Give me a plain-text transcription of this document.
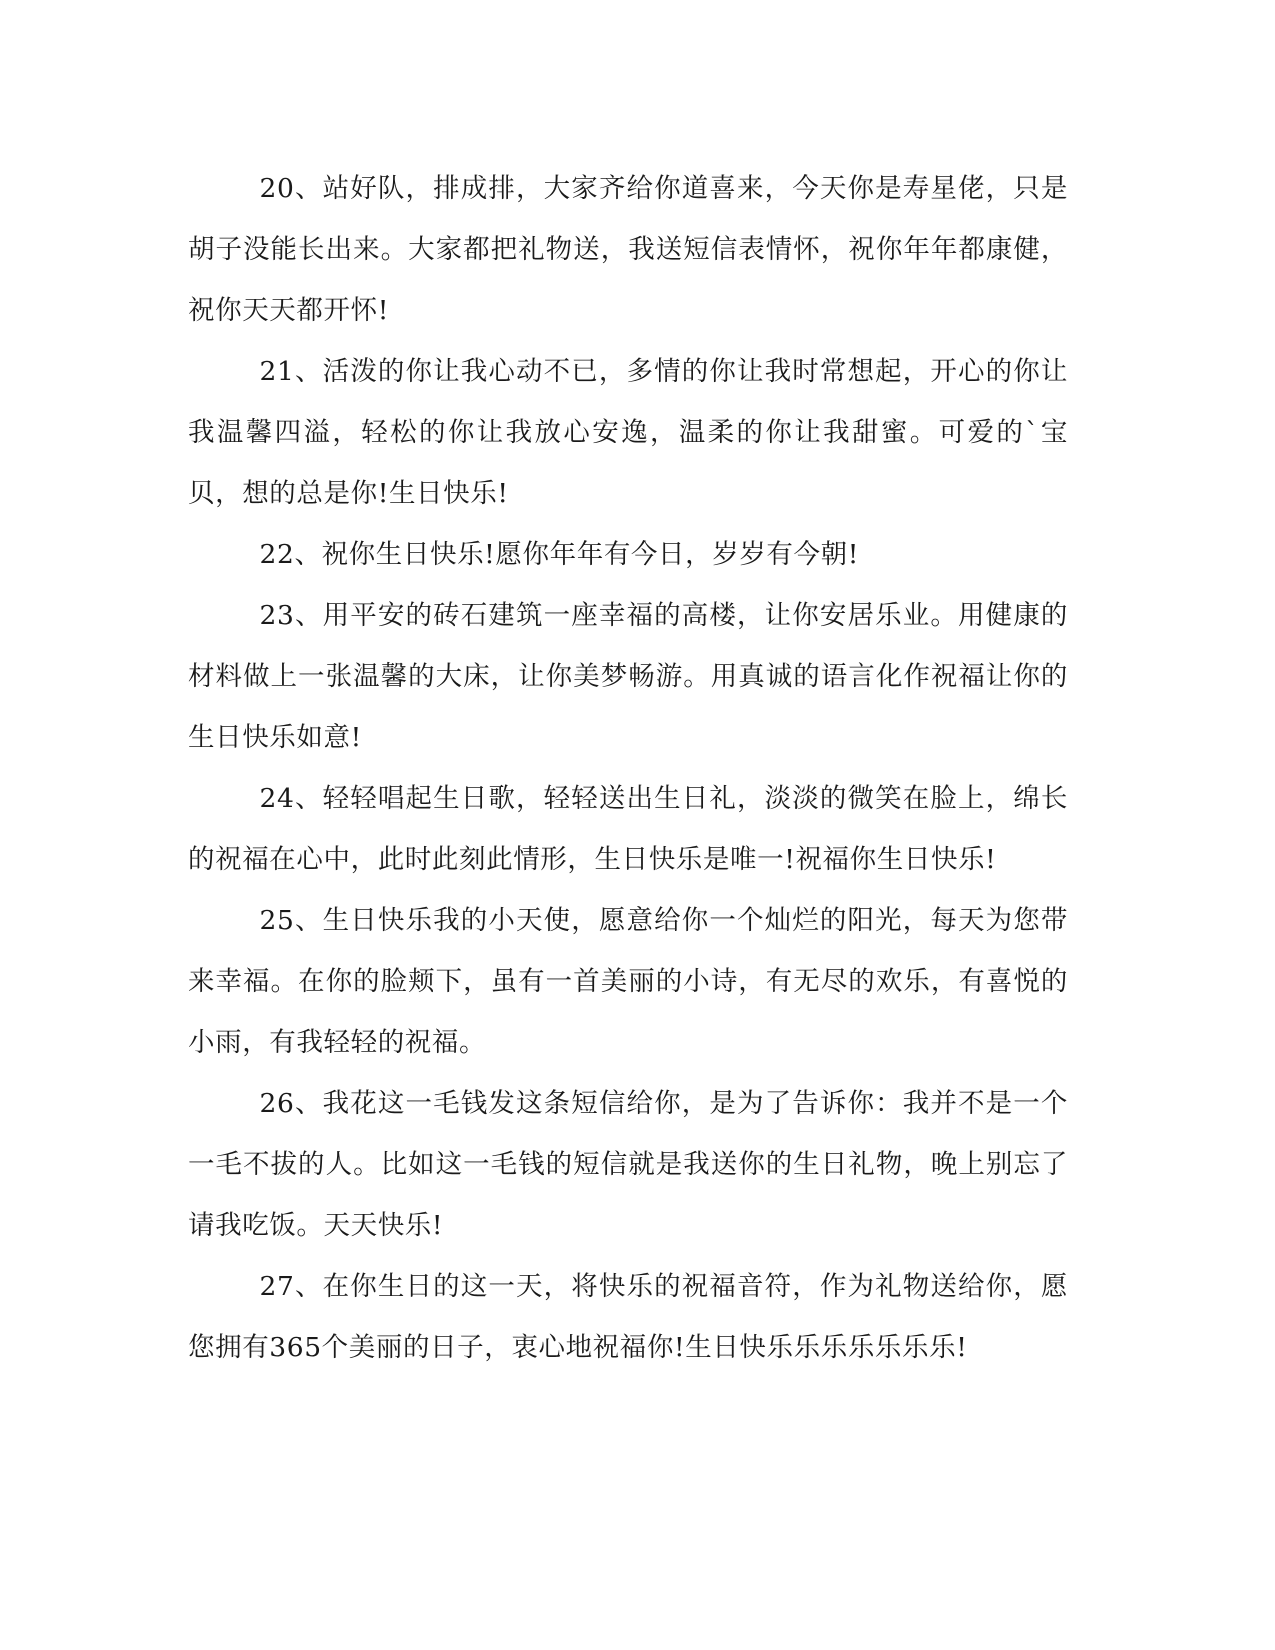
20、站好队，排成排，大家齐给你道喜来，今天你是寿星佬，只是胡子没能长出来。大家都把礼物送，我送短信表情怀，祝你年年都康健，祝你天天都开怀!

21、活泼的你让我心动不已，多情的你让我时常想起，开心的你让我温馨四溢，轻松的你让我放心安逸，温柔的你让我甜蜜。可爱的`宝贝，想的总是你!生日快乐!

22、祝你生日快乐!愿你年年有今日，岁岁有今朝!

23、用平安的砖石建筑一座幸福的高楼，让你安居乐业。用健康的材料做上一张温馨的大床，让你美梦畅游。用真诚的语言化作祝福让你的生日快乐如意!

24、轻轻唱起生日歌，轻轻送出生日礼，淡淡的微笑在脸上，绵长的祝福在心中，此时此刻此情形，生日快乐是唯一!祝福你生日快乐!

25、生日快乐我的小天使，愿意给你一个灿烂的阳光，每天为您带来幸福。在你的脸颊下，虽有一首美丽的小诗，有无尽的欢乐，有喜悦的小雨，有我轻轻的祝福。

26、我花这一毛钱发这条短信给你，是为了告诉你：我并不是一个一毛不拔的人。比如这一毛钱的短信就是我送你的生日礼物，晚上别忘了请我吃饭。天天快乐!

27、在你生日的这一天，将快乐的祝福音符，作为礼物送给你，愿您拥有365个美丽的日子，衷心地祝福你!生日快乐乐乐乐乐乐乐!
